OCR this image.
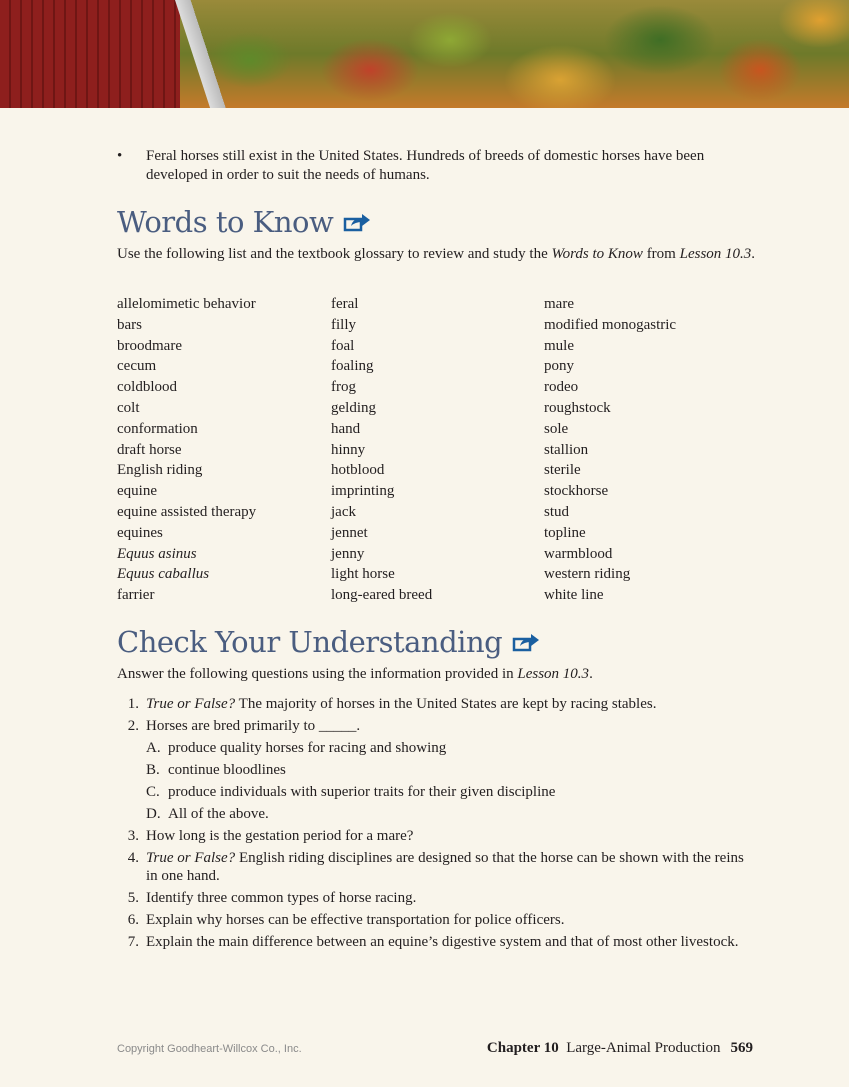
• Feral horses still exist in the United States. Hundreds of breeds of domestic horses have been developed in order to suit the needs of humans.
Words to Know
Use the following list and the textbook glossary to review and study the Words to Know from Lesson 10.3.
allelomimetic behavior
bars
broodmare
cecum
coldblood
colt
conformation
draft horse
English riding
equine
equine assisted therapy
equines
Equus asinus
Equus caballus
farrier
feral
filly
foal
foaling
frog
gelding
hand
hinny
hotblood
imprinting
jack
jennet
jenny
light horse
long-eared breed
mare
modified monogastric
mule
pony
rodeo
roughstock
sole
stallion
sterile
stockhorse
stud
topline
warmblood
western riding
white line
Check Your Understanding
Answer the following questions using the information provided in Lesson 10.3.
1. True or False? The majority of horses in the United States are kept by racing stables.
2. Horses are bred primarily to _____.
A. produce quality horses for racing and showing
B. continue bloodlines
C. produce individuals with superior traits for their given discipline
D. All of the above.
3. How long is the gestation period for a mare?
4. True or False? English riding disciplines are designed so that the horse can be shown with the reins in one hand.
5. Identify three common types of horse racing.
6. Explain why horses can be effective transportation for police officers.
7. Explain the main difference between an equine’s digestive system and that of most other livestock.
Copyright Goodheart-Willcox Co., Inc.	Chapter 10 Large-Animal Production 569
